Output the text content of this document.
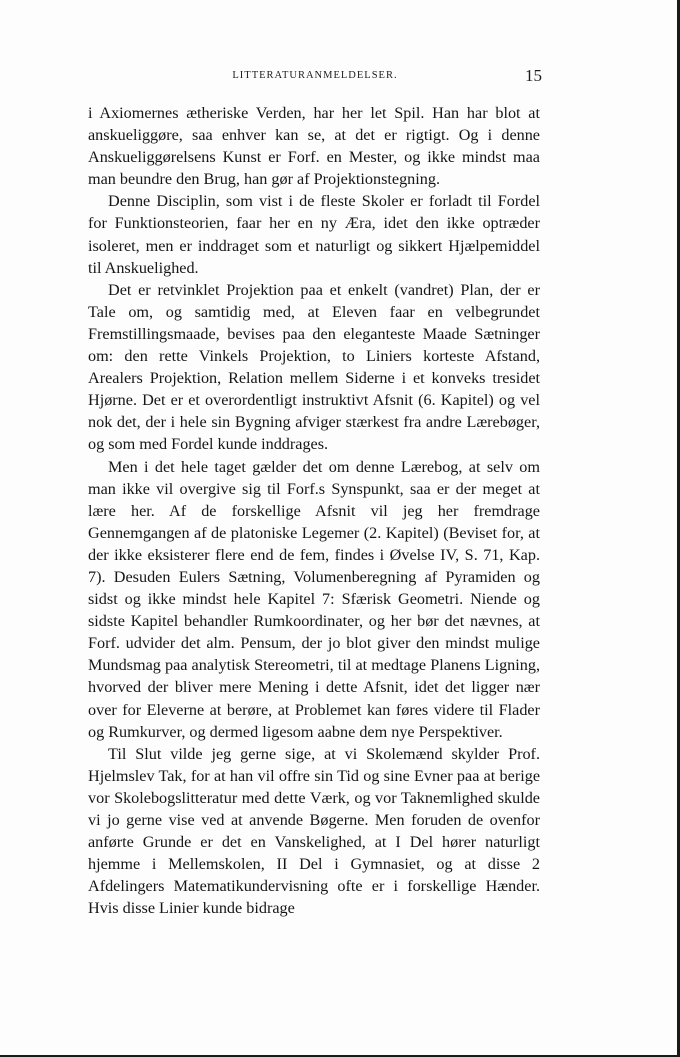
LITTERATURANMELDELSER.	15

i Axiomernes ætheriske Verden, har her let Spil. Han har blot at anskueliggøre, saa enhver kan se, at det er rigtigt. Og i denne Anskueliggørelsens Kunst er Forf. en Mester, og ikke mindst maa man beundre den Brug, han gør af Projektionstegning.

Denne Disciplin, som vist i de fleste Skoler er forladt til Fordel for Funktionsteorien, faar her en ny Æra, idet den ikke optræder isoleret, men er inddraget som et naturligt og sikkert Hjælpemiddel til Anskuelighed.

Det er retvinklet Projektion paa et enkelt (vandret) Plan, der er Tale om, og samtidig med, at Eleven faar en velbegrundet Fremstillingsmaade, bevises paa den eleganteste Maade Sætninger om: den rette Vinkels Projektion, to Liniers korteste Afstand, Arealers Projektion, Relation mellem Siderne i et konveks tresidet Hjørne. Det er et overordentligt instruktivt Afsnit (6. Kapitel) og vel nok det, der i hele sin Bygning afviger stærkest fra andre Lærebøger, og som med Fordel kunde inddrages.

Men i det hele taget gælder det om denne Lærebog, at selv om man ikke vil overgive sig til Forf.s Synspunkt, saa er der meget at lære her. Af de forskellige Afsnit vil jeg her fremdrage Gennemgangen af de platoniske Legemer (2. Kapitel) (Beviset for, at der ikke eksisterer flere end de fem, findes i Øvelse IV, S. 71, Kap. 7). Desuden Eulers Sætning, Volumenberegning af Pyramiden og sidst og ikke mindst hele Kapitel 7: Sfærisk Geometri. Niende og sidste Kapitel behandler Rumkoordinater, og her bør det nævnes, at Forf. udvider det alm. Pensum, der jo blot giver den mindst mulige Mundsmag paa analytisk Stereometri, til at medtage Planens Ligning, hvorved der bliver mere Mening i dette Afsnit, idet det ligger nær over for Eleverne at berøre, at Problemet kan føres videre til Flader og Rumkurver, og dermed ligesom aabne dem nye Perspektiver.

Til Slut vilde jeg gerne sige, at vi Skolemænd skylder Prof. Hjelmslev Tak, for at han vil offre sin Tid og sine Evner paa at berige vor Skolebogslitteratur med dette Værk, og vor Taknemlighed skulde vi jo gerne vise ved at anvende Bøgerne. Men foruden de ovenfor anførte Grunde er det en Vanskelighed, at I Del hører naturligt hjemme i Mellemskolen, II Del i Gymnasiet, og at disse 2 Afdelingers Matematikundervisning ofte er i forskellige Hænder. Hvis disse Linier kunde bidrage
